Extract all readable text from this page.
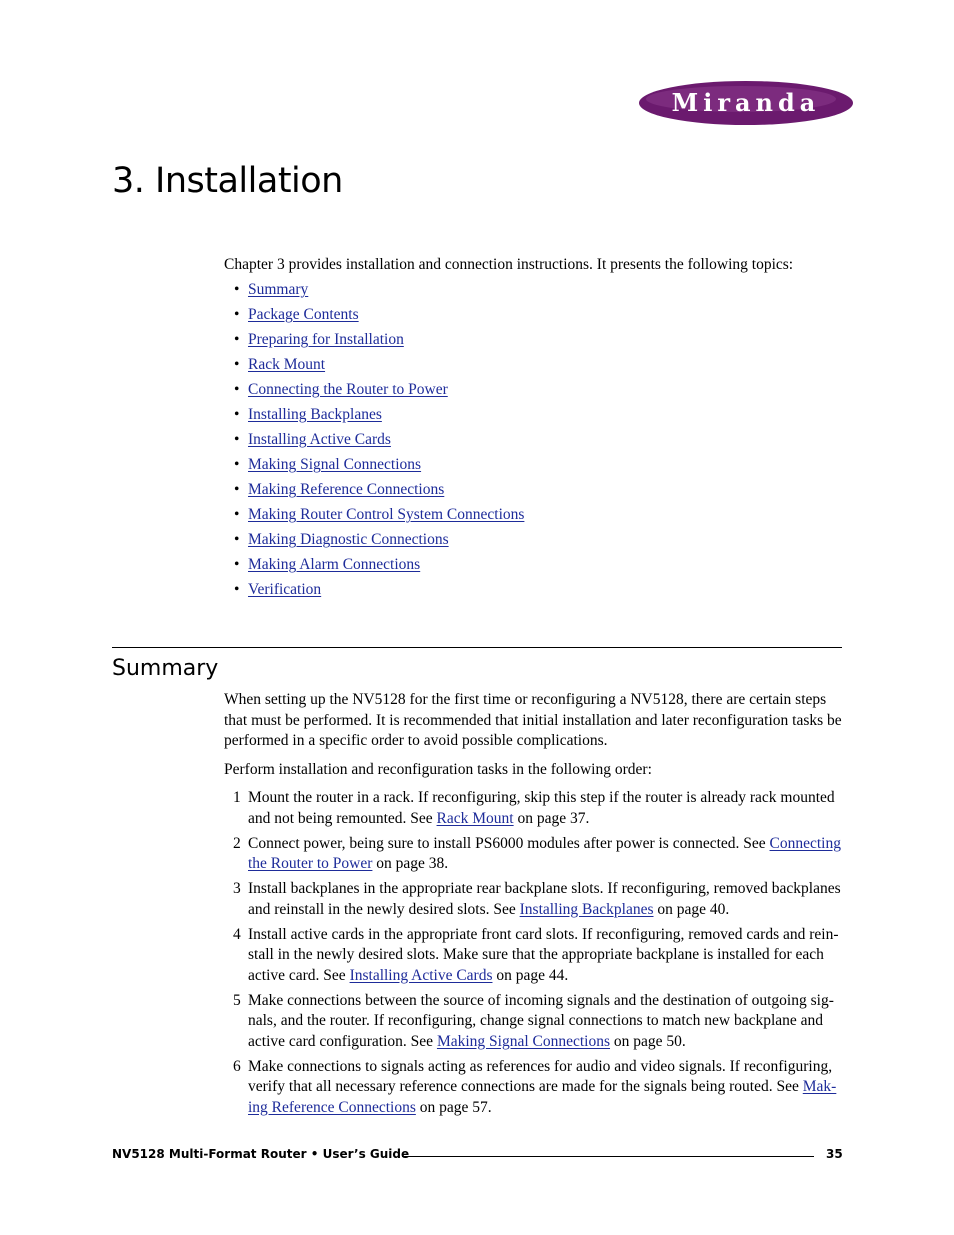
Miranda
3. Installation

Chapter 3 provides installation and connection instructions. It presents the following topics:

• Summary
• Package Contents
• Preparing for Installation
• Rack Mount
• Connecting the Router to Power
• Installing Backplanes
• Installing Active Cards
• Making Signal Connections
• Making Reference Connections
• Making Router Control System Connections
• Making Diagnostic Connections
• Making Alarm Connections
• Verification
Summary

When setting up the NV5128 for the first time or reconfiguring a NV5128, there are certain steps that must be performed. It is recommended that initial installation and later reconfiguration tasks be performed in a specific order to avoid possible complications.

Perform installation and reconfiguration tasks in the following order:

1 Mount the router in a rack. If reconfiguring, skip this step if the router is already rack mounted and not being remounted. See Rack Mount on page 37.
2 Connect power, being sure to install PS6000 modules after power is connected. See Connecting the Router to Power on page 38.
3 Install backplanes in the appropriate rear backplane slots. If reconfiguring, removed backplanes and reinstall in the newly desired slots. See Installing Backplanes on page 40.
4 Install active cards in the appropriate front card slots. If reconfiguring, removed cards and rein-stall in the newly desired slots. Make sure that the appropriate backplane is installed for each active card. See Installing Active Cards on page 44.
5 Make connections between the source of incoming signals and the destination of outgoing sig-nals, and the router. If reconfiguring, change signal connections to match new backplane and active card configuration. See Making Signal Connections on page 50.
6 Make connections to signals acting as references for audio and video signals. If reconfiguring, verify that all necessary reference connections are made for the signals being routed. See Mak-ing Reference Connections on page 57.
NV5128 Multi-Format Router • User’s Guide	35
